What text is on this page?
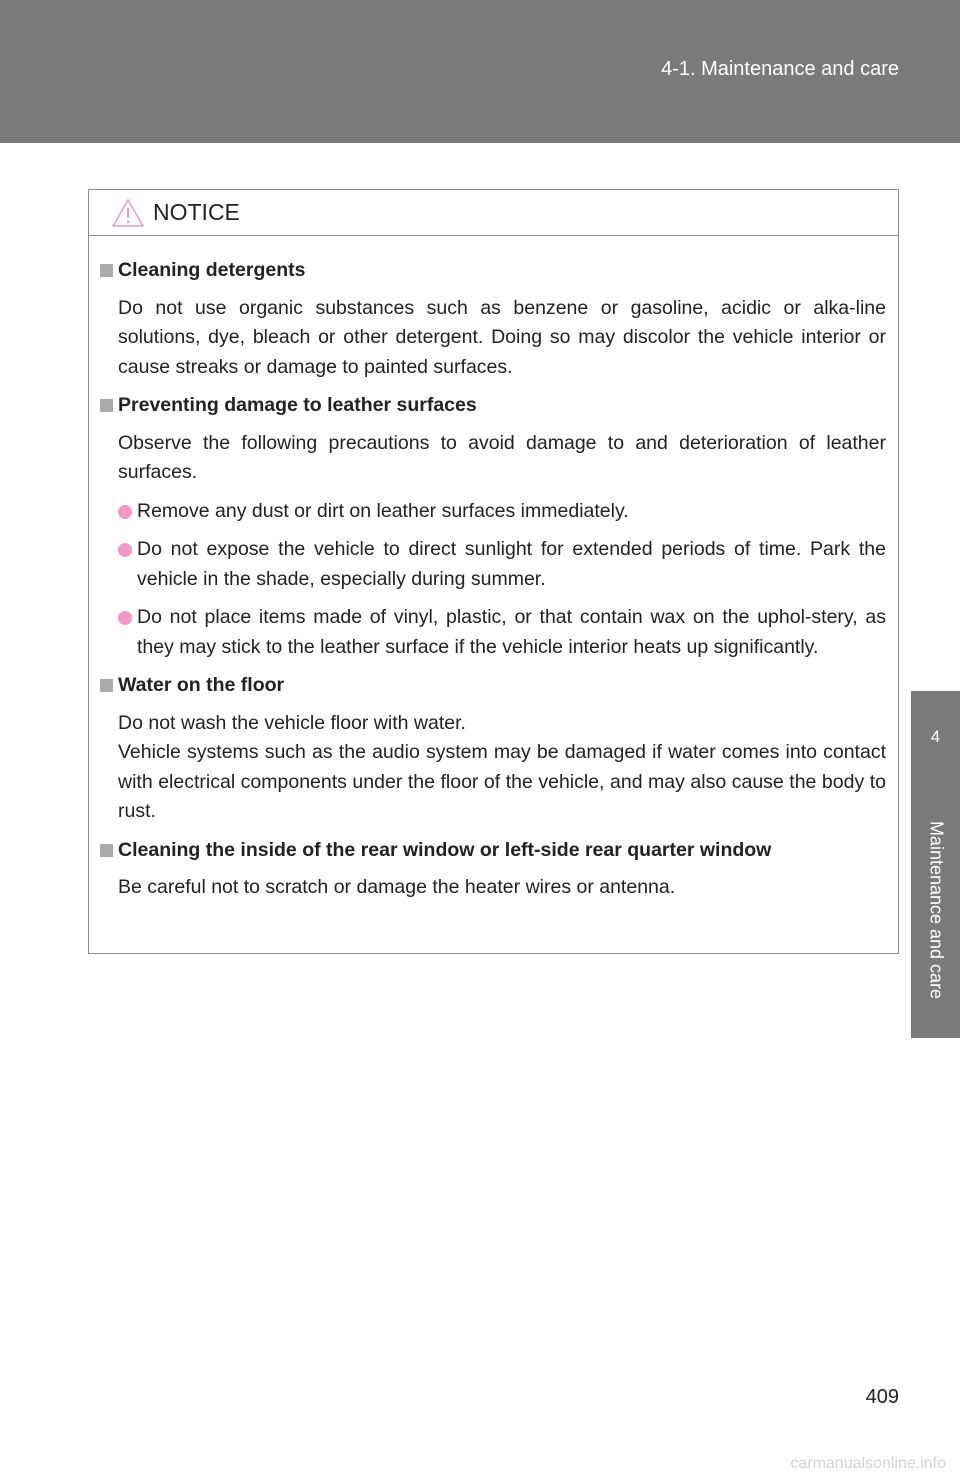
4-1. Maintenance and care
4
Maintenance and care
NOTICE
Cleaning detergents
Do not use organic substances such as benzene or gasoline, acidic or alka-line solutions, dye, bleach or other detergent. Doing so may discolor the vehicle interior or cause streaks or damage to painted surfaces.
Preventing damage to leather surfaces
Observe the following precautions to avoid damage to and deterioration of leather surfaces.
Remove any dust or dirt on leather surfaces immediately.
Do not expose the vehicle to direct sunlight for extended periods of time. Park the vehicle in the shade, especially during summer.
Do not place items made of vinyl, plastic, or that contain wax on the uphol-stery, as they may stick to the leather surface if the vehicle interior heats up significantly.
Water on the floor
Do not wash the vehicle floor with water.
Vehicle systems such as the audio system may be damaged if water comes into contact with electrical components under the floor of the vehicle, and may also cause the body to rust.
Cleaning the inside of the rear window or left-side rear quarter window
Be careful not to scratch or damage the heater wires or antenna.
409
carmanualsonline.info
